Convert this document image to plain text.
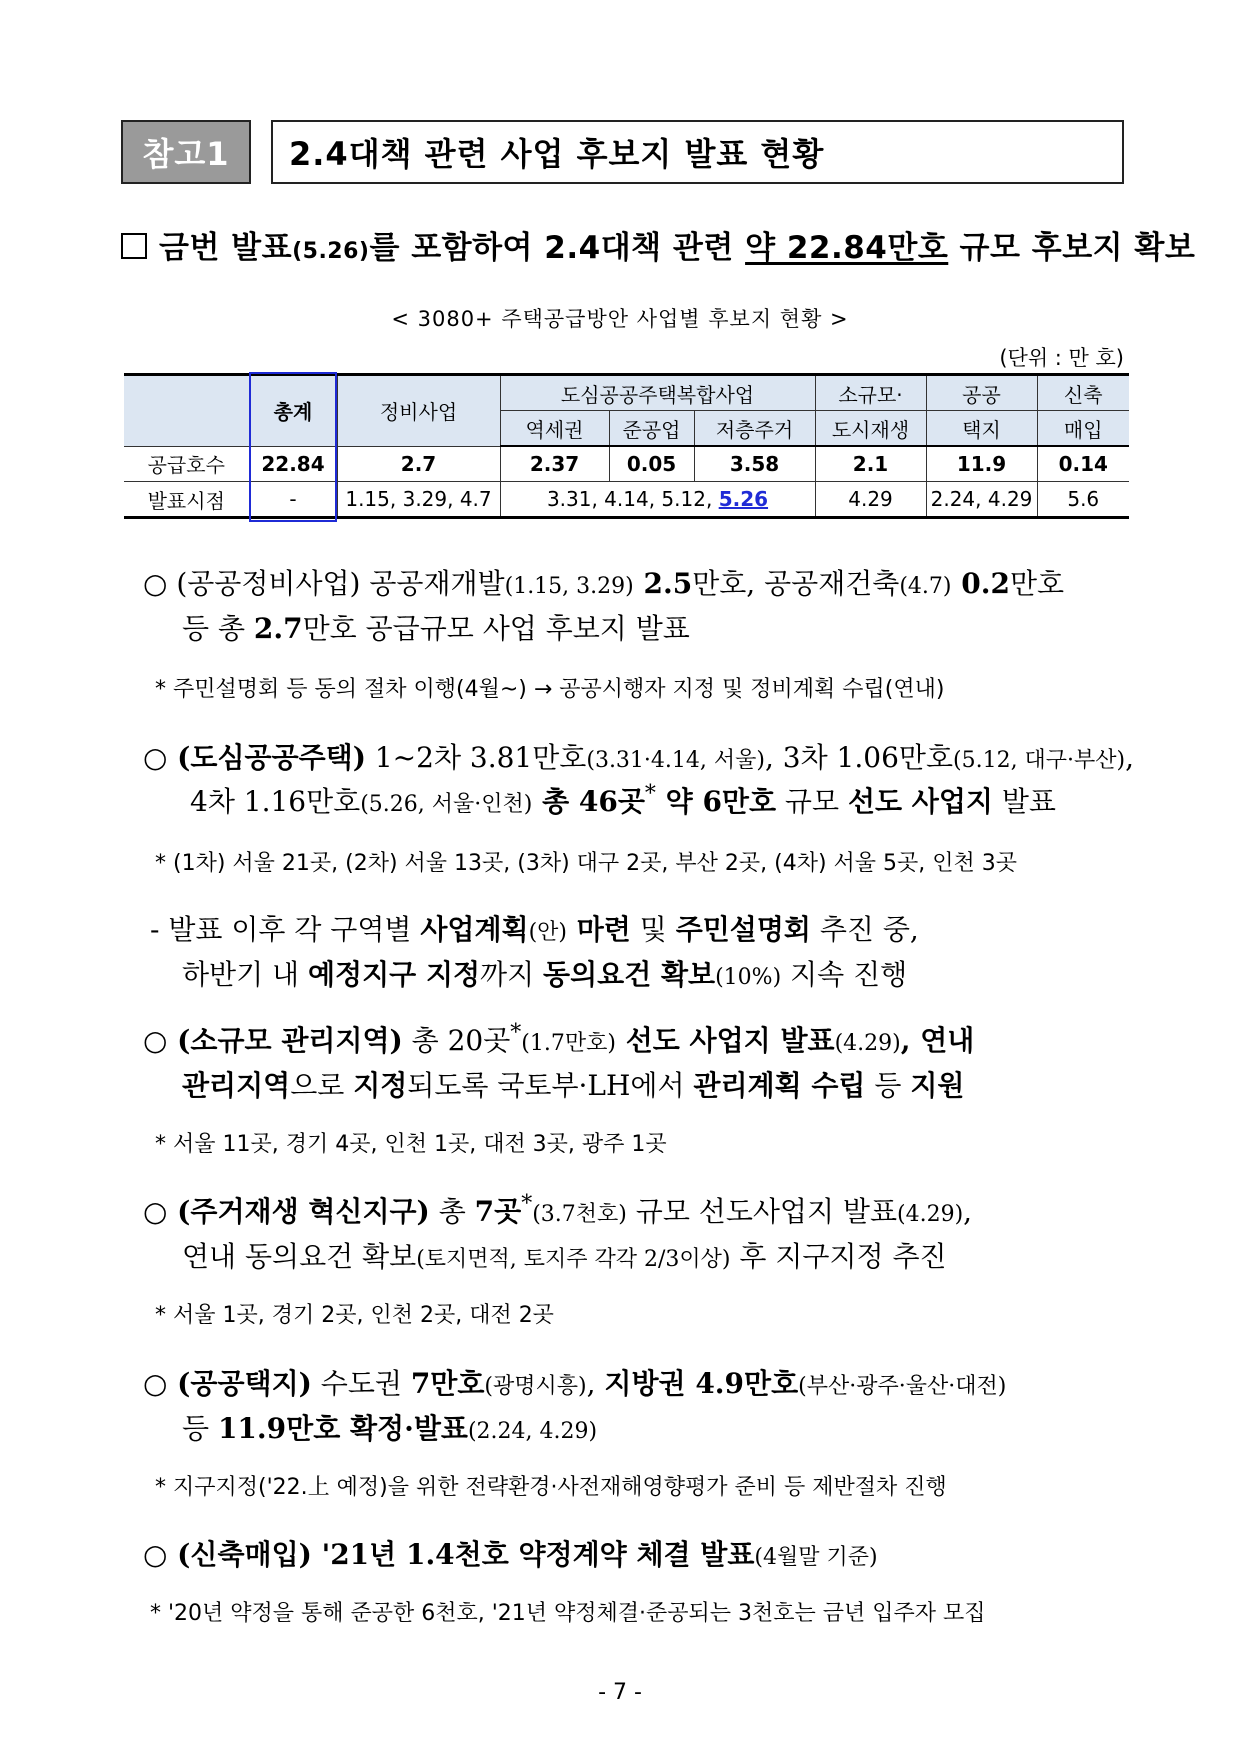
참고1	2.4대책 관련 사업 후보지 발표 현황
금번 발표(5.26)를 포함하여 2.4대책 관련 약 22.84만호 규모 후보지 확보
< 3080+ 주택공급방안 사업별 후보지 현황 >
(단위 : 만 호)
	총계	정비사업	도심공공주택복합사업			소규모·	공공	신축
			역세권	준공업	저층주거	도시재생	택지	매입
공급호수	22.84	2.7	2.37	0.05	3.58	2.1	11.9	0.14
발표시점	-	1.15, 3.29, 4.7	3.31, 4.14, 5.12, 5.26			4.29	2.24, 4.29	5.6
○ (공공정비사업) 공공재개발(1.15, 3.29) 2.5만호, 공공재건축(4.7) 0.2만호
등 총 2.7만호 공급규모 사업 후보지 발표
* 주민설명회 등 동의 절차 이행(4월~) → 공공시행자 지정 및 정비계획 수립(연내)
○ (도심공공주택) 1~2차 3.81만호(3.31·4.14, 서울), 3차 1.06만호(5.12, 대구·부산),
4차 1.16만호(5.26, 서울·인천) 총 46곳* 약 6만호 규모 선도 사업지 발표
* (1차) 서울 21곳, (2차) 서울 13곳, (3차) 대구 2곳, 부산 2곳, (4차) 서울 5곳, 인천 3곳
- 발표 이후 각 구역별 사업계획(안) 마련 및 주민설명회 추진 중,
하반기 내 예정지구 지정까지 동의요건 확보(10%) 지속 진행
○ (소규모 관리지역) 총 20곳*(1.7만호) 선도 사업지 발표(4.29), 연내
관리지역으로 지정되도록 국토부·LH에서 관리계획 수립 등 지원
* 서울 11곳, 경기 4곳, 인천 1곳, 대전 3곳, 광주 1곳
○ (주거재생 혁신지구) 총 7곳*(3.7천호) 규모 선도사업지 발표(4.29),
연내 동의요건 확보(토지면적, 토지주 각각 2/3이상) 후 지구지정 추진
* 서울 1곳, 경기 2곳, 인천 2곳, 대전 2곳
○ (공공택지) 수도권 7만호(광명시흥), 지방권 4.9만호(부산·광주·울산·대전)
등 11.9만호 확정·발표(2.24, 4.29)
* 지구지정('22.上 예정)을 위한 전략환경·사전재해영향평가 준비 등 제반절차 진행
○ (신축매입) '21년 1.4천호 약정계약 체결 발표(4월말 기준)
* '20년 약정을 통해 준공한 6천호, '21년 약정체결·준공되는 3천호는 금년 입주자 모집
- 7 -
